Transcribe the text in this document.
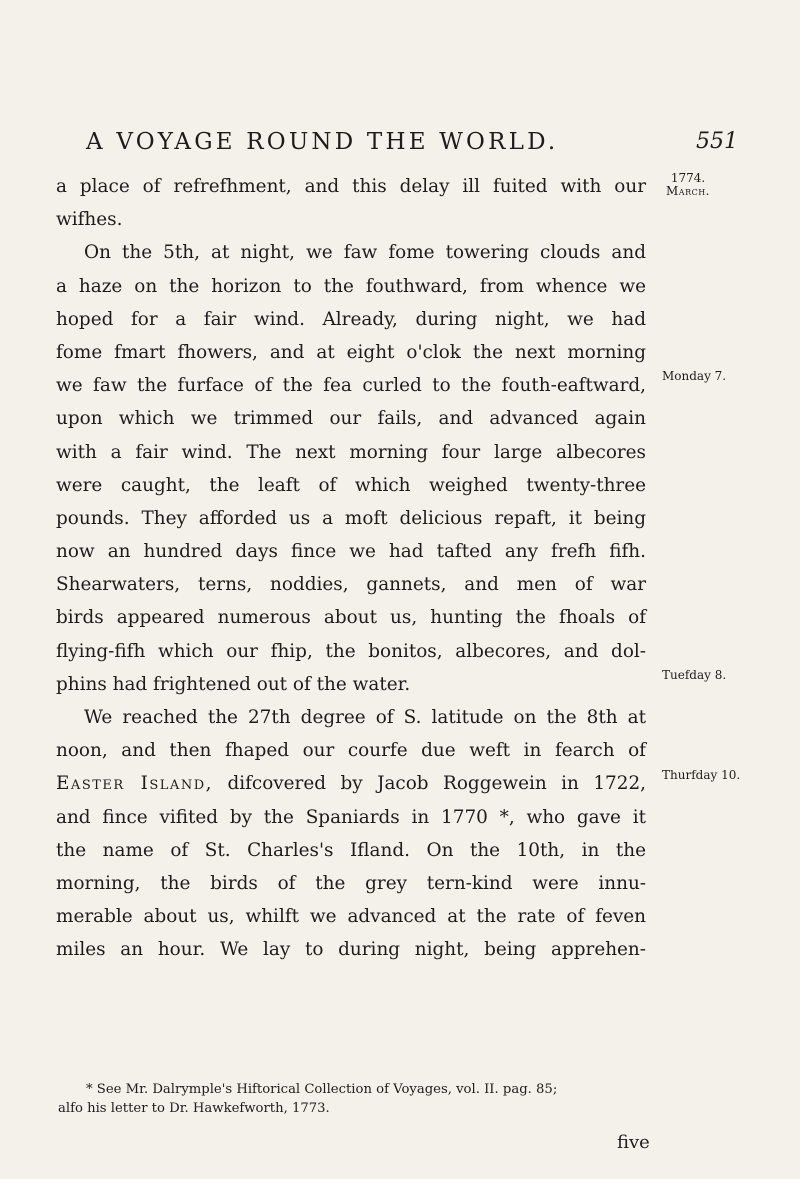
A VOYAGE ROUND THE WORLD.	551
1774.
March.
Monday 7.
Tuefday 8.
Thurfday 10.
a place of refrefhment, and this delay ill fuited with our
wifhes.
On the 5th, at night, we faw fome towering clouds and
a haze on the horizon to the fouthward, from whence we
hoped for a fair wind. Already, during night, we had
fome fmart fhowers, and at eight o'clok the next morning
we faw the furface of the fea curled to the fouth-eaftward,
upon which we trimmed our fails, and advanced again
with a fair wind. The next morning four large albecores
were caught, the leaft of which weighed twenty-three
pounds. They afforded us a moft delicious repaft, it being
now an hundred days fince we had tafted any frefh fifh.
Shearwaters, terns, noddies, gannets, and men of war
birds appeared numerous about us, hunting the fhoals of
flying-fifh which our fhip, the bonitos, albecores, and dol-
phins had frightened out of the water.
We reached the 27th degree of S. latitude on the 8th at
noon, and then fhaped our courfe due weft in fearch of
Easter Island, difcovered by Jacob Roggewein in 1722,
and fince vifited by the Spaniards in 1770 *, who gave it
the name of St. Charles's Ifland. On the 10th, in the
morning, the birds of the grey tern-kind were innu-
merable about us, whilft we advanced at the rate of feven
miles an hour. We lay to during night, being apprehen-
* See Mr. Dalrymple's Hiftorical Collection of Voyages, vol. II. pag. 85;
alfo his letter to Dr. Hawkefworth, 1773.
five
